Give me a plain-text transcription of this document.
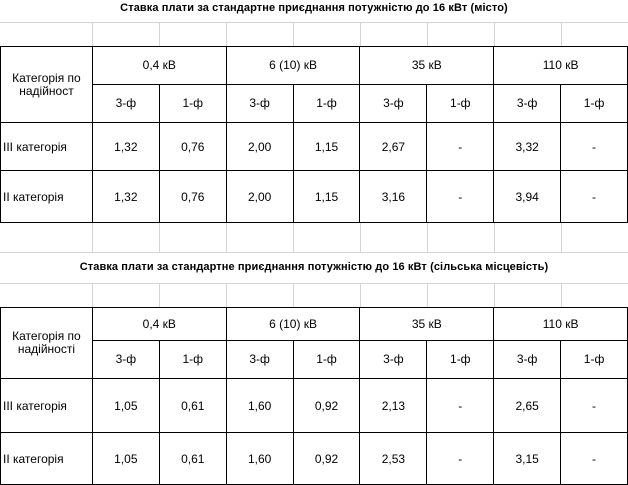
Ставка плати за стандартне приєднання потужністю до 16 кВт (місто)
Категорія по надійност	0,4 кВ		6 (10) кВ		35 кВ		110 кВ	
	3-ф	1-ф	3-ф	1-ф	3-ф	1-ф	3-ф	1-ф
III категорія	1,32	0,76	2,00	1,15	2,67	-	3,32	-
II категорія	1,32	0,76	2,00	1,15	3,16	-	3,94	-
Ставка плати за стандартне приєднання потужністю до 16 кВт (сільська місцевість)
Категорія по надійності	0,4 кВ		6 (10) кВ		35 кВ		110 кВ	
	3-ф	1-ф	3-ф	1-ф	3-ф	1-ф	3-ф	1-ф
III категорія	1,05	0,61	1,60	0,92	2,13	-	2,65	-
II категорія	1,05	0,61	1,60	0,92	2,53	-	3,15	-
